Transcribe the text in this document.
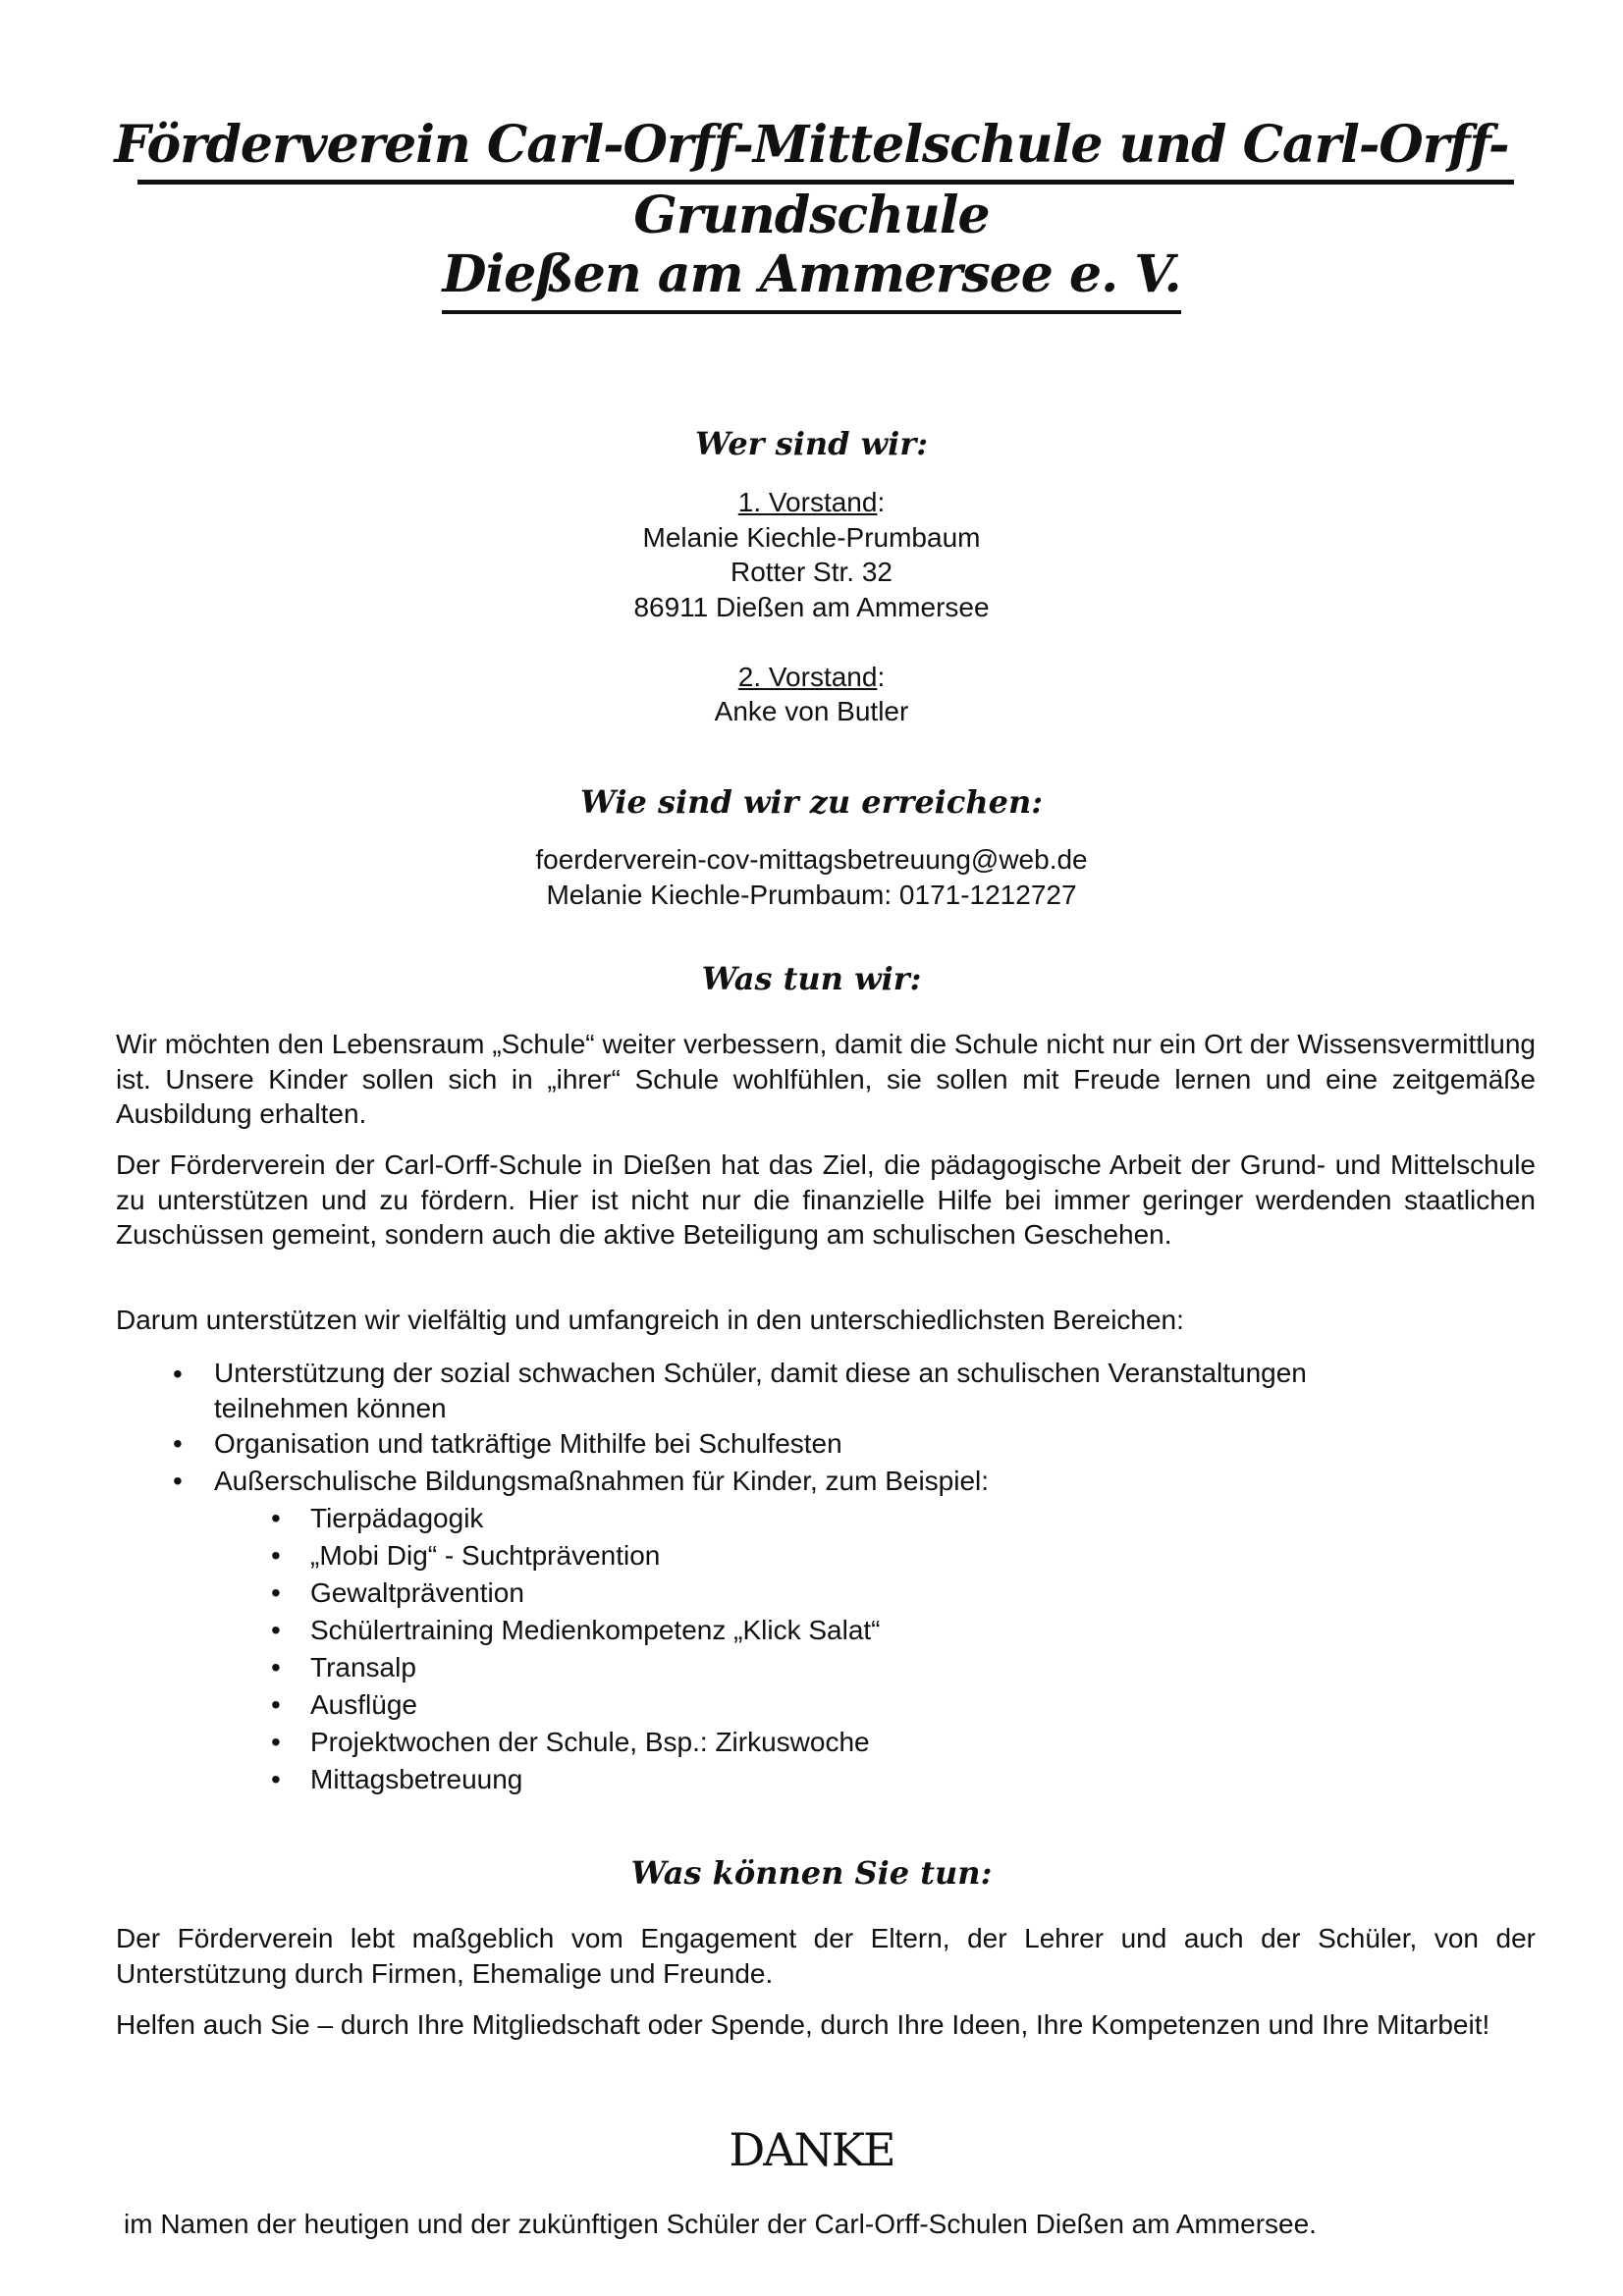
Förderverein Carl-Orff-Mittelschule und Carl-Orff-Grundschule
Dießen am Ammersee e. V.
Wer sind wir:
1. Vorstand:
Melanie Kiechle-Prumbaum
Rotter Str. 32
86911 Dießen am Ammersee
2. Vorstand:
Anke von Butler
Wie sind wir zu erreichen:
foerderverein-cov-mittagsbetreuung@web.de
Melanie Kiechle-Prumbaum: 0171-1212727
Was tun wir:

Wir möchten den Lebensraum „Schule“ weiter verbessern, damit die Schule nicht nur ein Ort der Wissensvermittlung ist. Unsere Kinder sollen sich in „ihrer“ Schule wohlfühlen, sie sollen mit Freude lernen und eine zeitgemäße Ausbildung erhalten.

Der Förderverein der Carl-Orff-Schule in Dießen hat das Ziel, die pädagogische Arbeit der Grund- und Mittelschule zu unterstützen und zu fördern. Hier ist nicht nur die finanzielle Hilfe bei immer geringer werdenden staatlichen Zuschüssen gemeint, sondern auch die aktive Beteiligung am schulischen Geschehen.

Darum unterstützen wir vielfältig und umfangreich in den unterschiedlichsten Bereichen:

• Unterstützung der sozial schwachen Schüler, damit diese an schulischen Veranstaltungen teilnehmen können
• Organisation und tatkräftige Mithilfe bei Schulfesten
• Außerschulische Bildungsmaßnahmen für Kinder, zum Beispiel:
• Tierpädagogik
• „Mobi Dig“ - Suchtprävention
• Gewaltprävention
• Schülertraining Medienkompetenz „Klick Salat“
• Transalp
• Ausflüge
• Projektwochen der Schule, Bsp.: Zirkuswoche
• Mittagsbetreuung
Was können Sie tun:

Der Förderverein lebt maßgeblich vom Engagement der Eltern, der Lehrer und auch der Schüler, von der Unterstützung durch Firmen, Ehemalige und Freunde.

Helfen auch Sie – durch Ihre Mitgliedschaft oder Spende, durch Ihre Ideen, Ihre Kompetenzen und Ihre Mitarbeit!

DANKE

im Namen der heutigen und der zukünftigen Schüler der Carl-Orff-Schulen Dießen am Ammersee.
